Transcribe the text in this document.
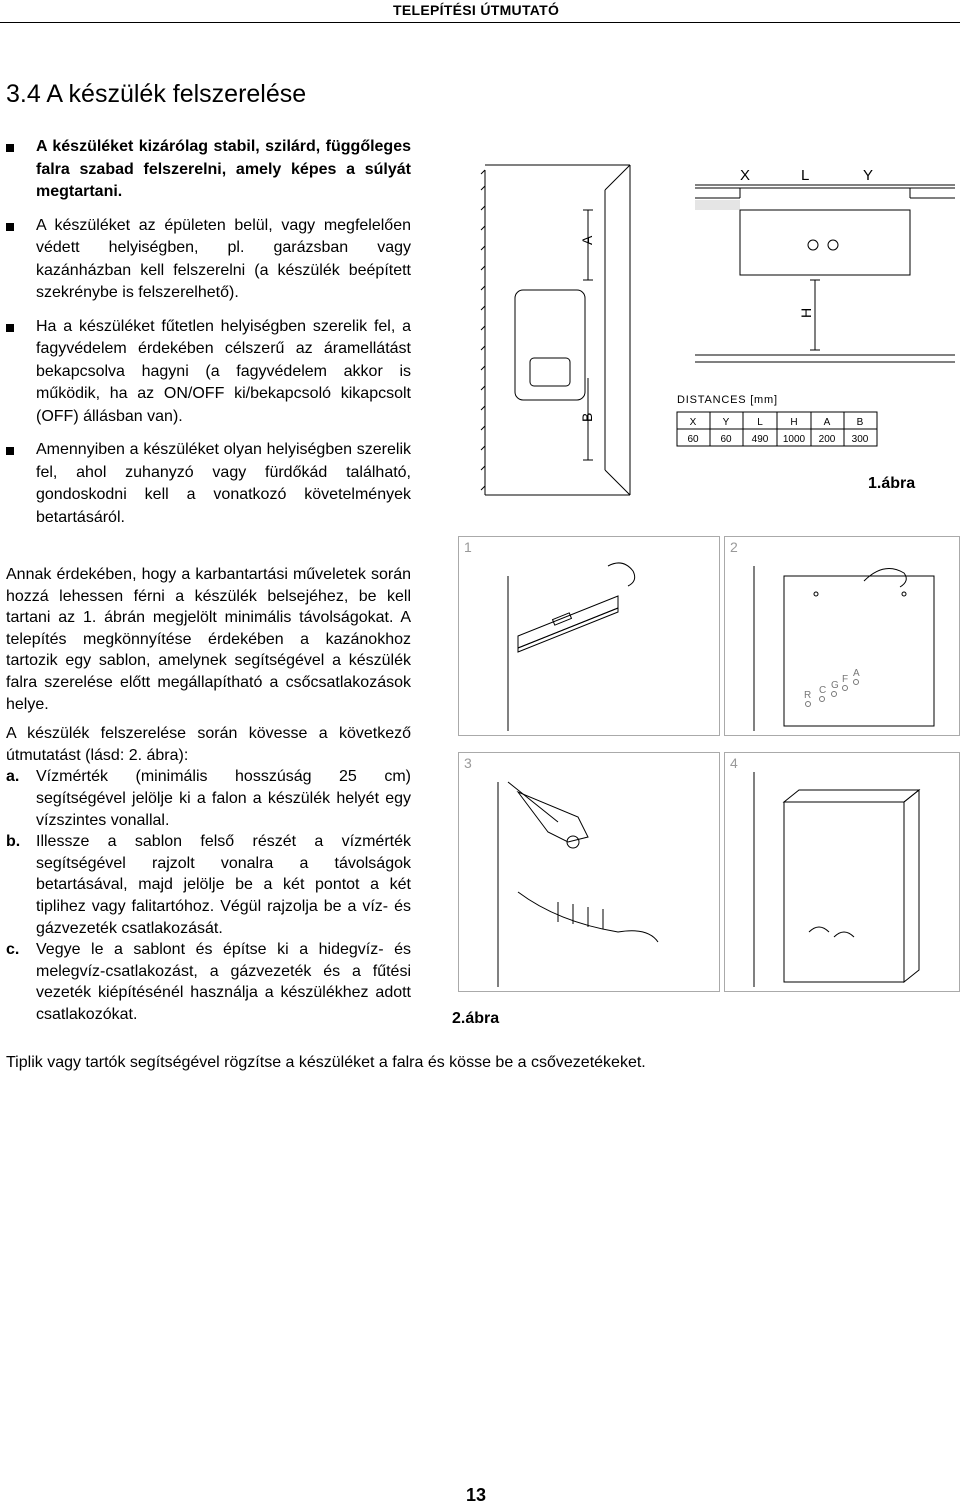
TELEPÍTÉSI ÚTMUTATÓ
3.4 A készülék felszerelése
A készüléket kizárólag stabil, szilárd, függőleges falra szabad felszerelni, amely képes a súlyát megtartani.
A készüléket az épületen belül, vagy megfelelően védett helyiségben, pl. garázsban vagy kazánházban kell felszerelni (a készülék beépített szekrénybe is felszerelhető).
Ha a készüléket fűtetlen helyiségben szerelik fel, a fagyvédelem érdekében célszerű az áramellátást bekapcsolva hagyni (a fagyvédelem akkor is működik, ha az ON/OFF ki/bekapcsoló kikapcsolt (OFF) állásban van).
Amennyiben a készüléket olyan helyiségben szerelik fel, ahol zuhanyzó vagy fürdőkád található, gondoskodni kell a vonatkozó követelmények betartásáról.
A
B
X	L	Y
H
DISTANCES [mm]
X	Y	L	H	A	B
60 60 490 1000 200 300
1.ábra
1	2
R C G
F
A
3	4
2.ábra

Annak érdekében, hogy a karbantartási műveletek során hozzá lehessen férni a készülék belsejéhez, be kell tartani az 1. ábrán megjelölt minimális távolságokat. A telepítés megkönnyítése érdekében a kazánokhoz tartozik egy sablon, amelynek segítségével a készülék falra szerelése előtt megállapítható a csőcsatlakozások helye.

A készülék felszerelése során kövesse a következő útmutatást (lásd: 2. ábra):

a. Vízmérték (minimális hosszúság 25 cm) segítségével jelölje ki a falon a készülék helyét egy vízszintes vonallal.
b. Illessze a sablon felső részét a vízmérték segítségével rajzolt vonalra a távolságok betartásával, majd jelölje be a két pontot a két tiplihez vagy falitartóhoz. Végül rajzolja be a víz- és gázvezeték csatlakozását.
c. Vegye le a sablont és építse ki a hidegvíz- és melegvíz-csatlakozást, a gázvezeték és a fűtési vezeték kiépítésénél használja a készülékhez adott csatlakozókat.
Tiplik vagy tartók segítségével rögzítse a készüléket a falra és kösse be a csővezetékeket.
13
